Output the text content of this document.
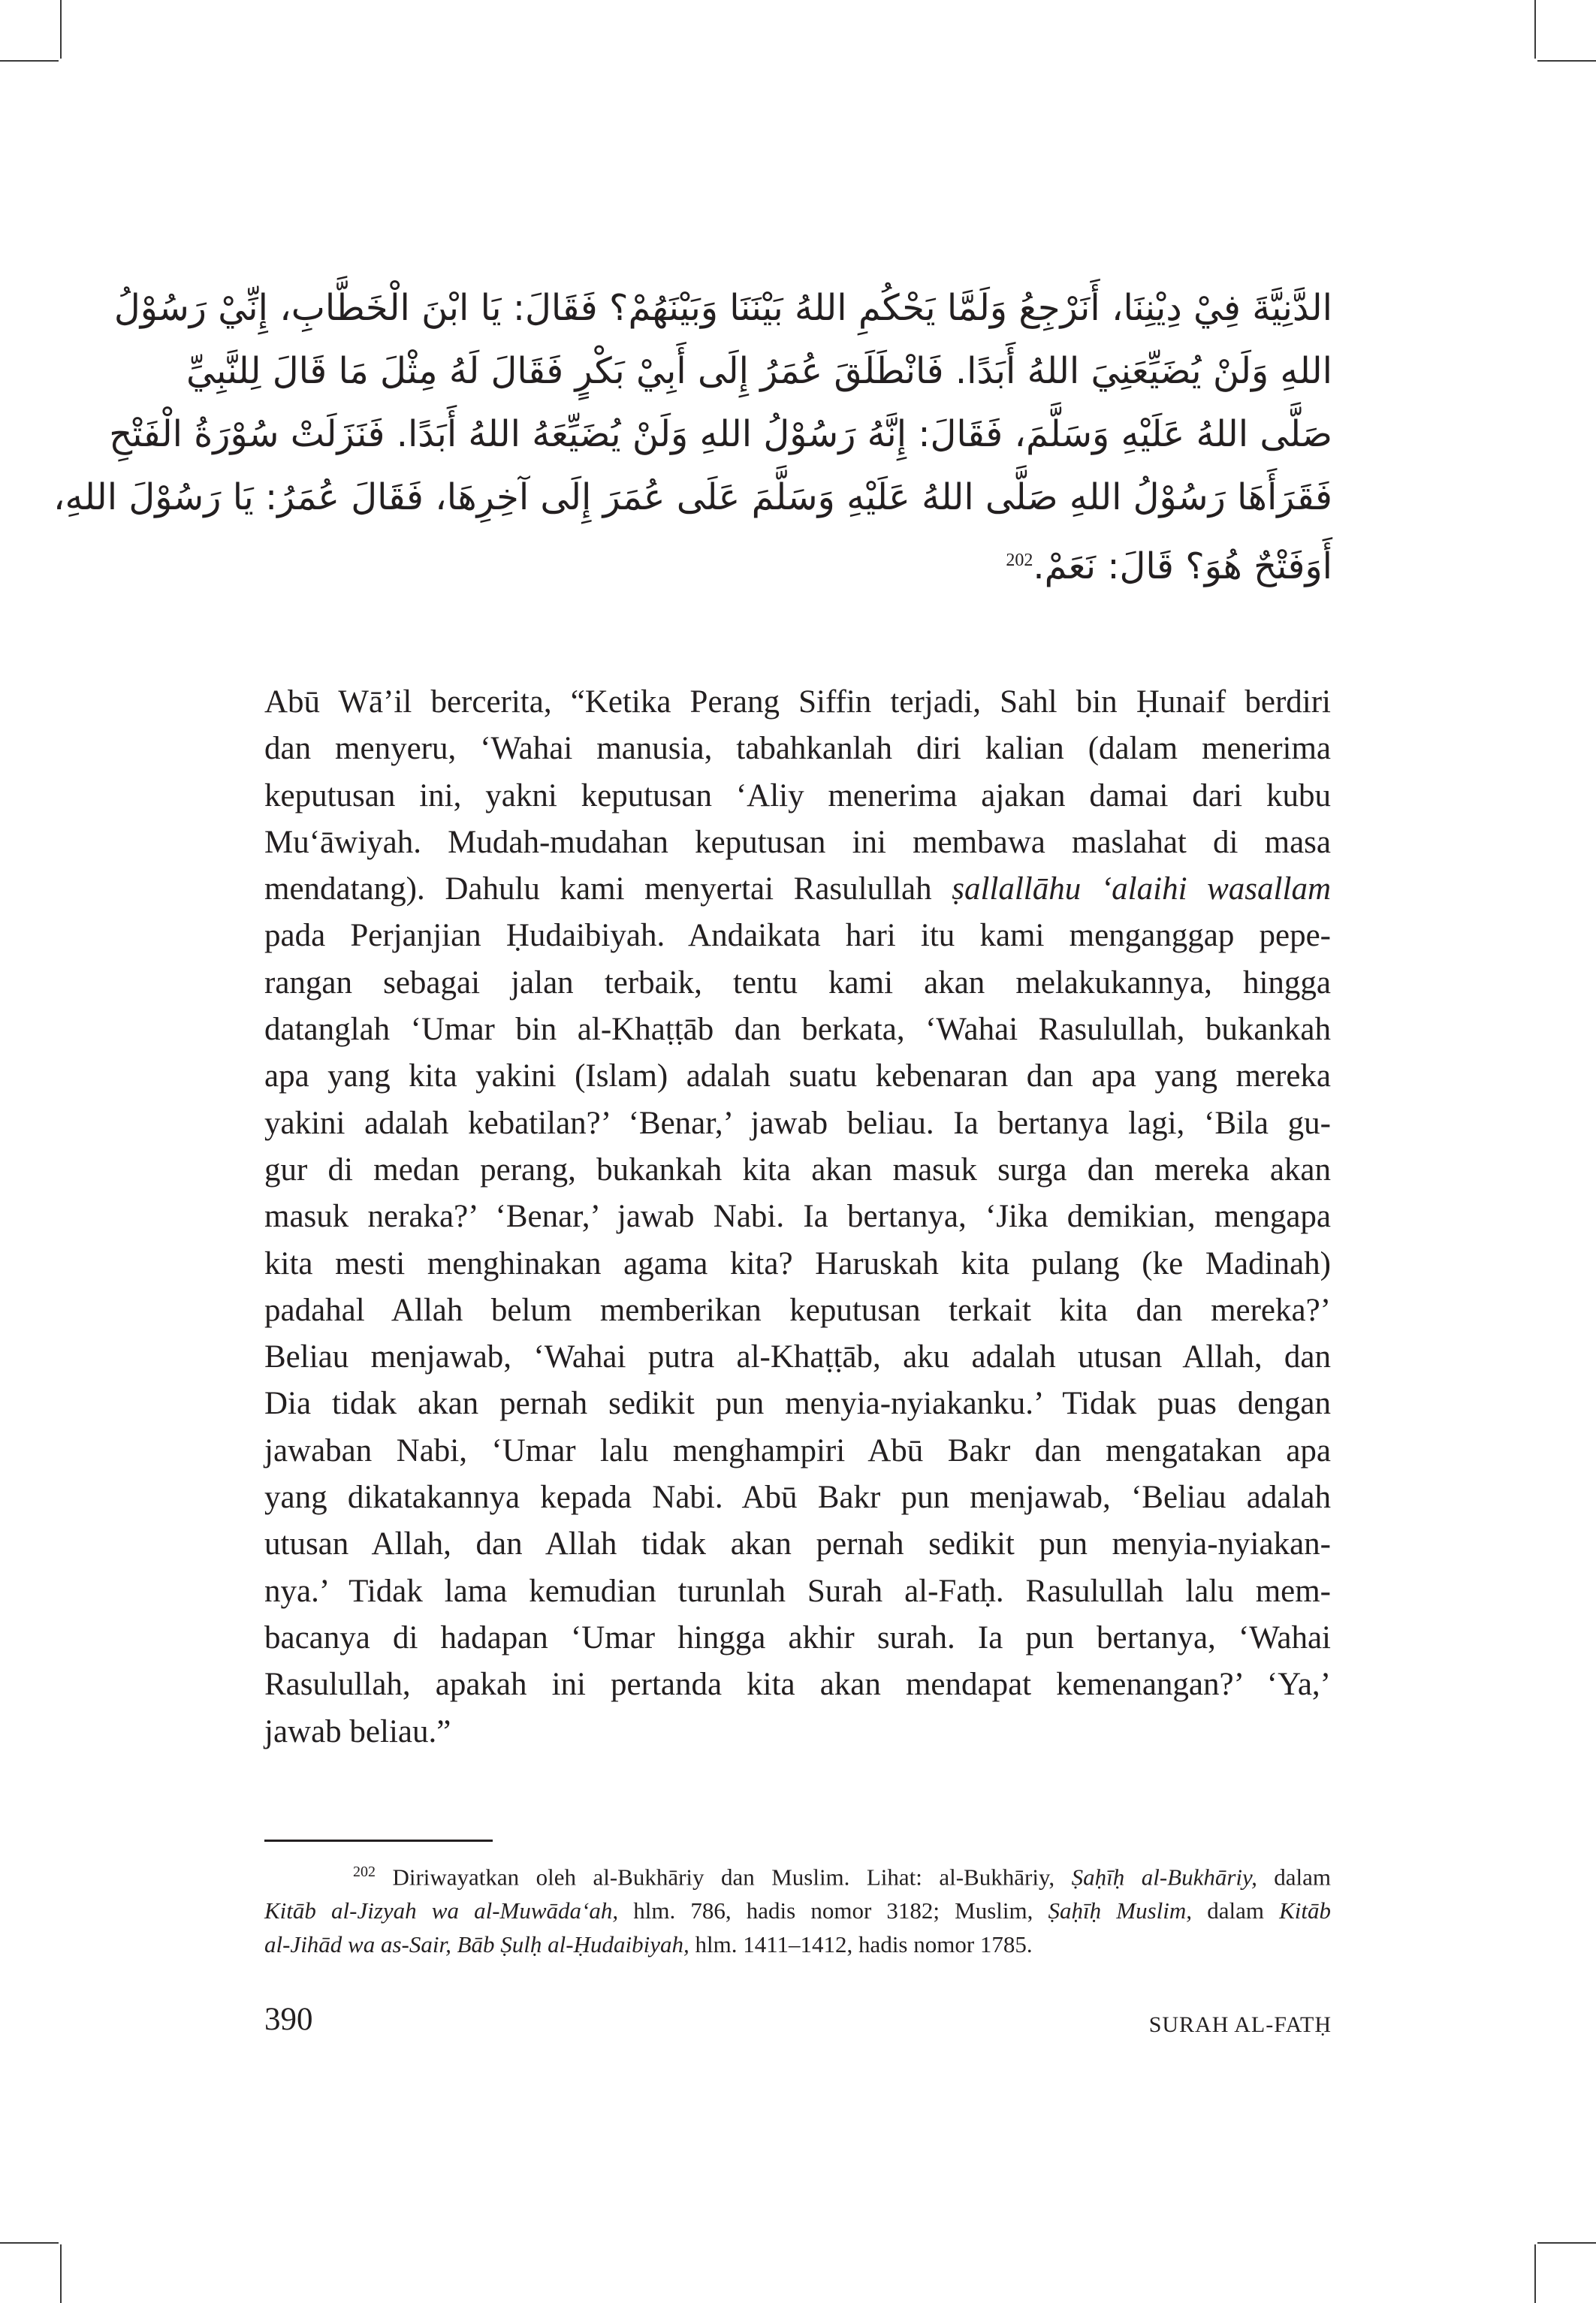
الدَّنِيَّةَ فِيْ دِيْنِنَا، أَنَرْجِعُ وَلَمَّا يَحْكُمِ اللهُ بَيْنَنَا وَبَيْنَهُمْ؟ فَقَالَ: يَا ابْنَ الْخَطَّابِ، إِنِّيْ رَسُوْلُ
اللهِ وَلَنْ يُضَيِّعَنِيَ اللهُ أَبَدًا. فَانْطَلَقَ عُمَرُ إِلَى أَبِيْ بَكْرٍ فَقَالَ لَهُ مِثْلَ مَا قَالَ لِلنَّبِيِّ
صَلَّى اللهُ عَلَيْهِ وَسَلَّمَ، فَقَالَ: إِنَّهُ رَسُوْلُ اللهِ وَلَنْ يُضَيِّعَهُ اللهُ أَبَدًا. فَنَزَلَتْ سُوْرَةُ الْفَتْحِ
فَقَرَأَهَا رَسُوْلُ اللهِ صَلَّى اللهُ عَلَيْهِ وَسَلَّمَ عَلَى عُمَرَ إِلَى آخِرِهَا، فَقَالَ عُمَرُ: يَا رَسُوْلَ اللهِ،
أَوَفَتْحٌ هُوَ؟ قَالَ: نَعَمْ.$^{202}$
Abū Wā’il bercerita, “Ketika Perang Siffin terjadi, Sahl bin Ḥunaif berdiri
dan menyeru, ‘Wahai manusia, tabahkanlah diri kalian (dalam menerima
keputusan ini, yakni keputusan ‘Aliy menerima ajakan damai dari kubu
Mu‘āwiyah. Mudah-mudahan keputusan ini membawa maslahat di masa
mendatang). Dahulu kami menyertai Rasulullah ṣallallāhu ‘alaihi wasallam
pada Perjanjian Ḥudaibiyah. Andaikata hari itu kami menganggap pepe-
rangan sebagai jalan terbaik, tentu kami akan melakukannya, hingga
datanglah ‘Umar bin al-Khaṭṭāb dan berkata, ‘Wahai Rasulullah, bukankah
apa yang kita yakini (Islam) adalah suatu kebenaran dan apa yang mereka
yakini adalah kebatilan?’ ‘Benar,’ jawab beliau. Ia bertanya lagi, ‘Bila gu-
gur di medan perang, bukankah kita akan masuk surga dan mereka akan
masuk neraka?’ ‘Benar,’ jawab Nabi. Ia bertanya, ‘Jika demikian, mengapa
kita mesti menghinakan agama kita? Haruskah kita pulang (ke Madinah)
padahal Allah belum memberikan keputusan terkait kita dan mereka?’
Beliau menjawab, ‘Wahai putra al-Khaṭṭāb, aku adalah utusan Allah, dan
Dia tidak akan pernah sedikit pun menyia-nyiakanku.’ Tidak puas dengan
jawaban Nabi, ‘Umar lalu menghampiri Abū Bakr dan mengatakan apa
yang dikatakannya kepada Nabi. Abū Bakr pun menjawab, ‘Beliau adalah
utusan Allah, dan Allah tidak akan pernah sedikit pun menyia-nyiakan-
nya.’ Tidak lama kemudian turunlah Surah al-Fatḥ. Rasulullah lalu mem-
bacanya di hadapan ‘Umar hingga akhir surah. Ia pun bertanya, ‘Wahai
Rasulullah, apakah ini pertanda kita akan mendapat kemenangan?’ ‘Ya,’
jawab beliau.”
$^{202}$ Diriwayatkan oleh al-Bukhāriy dan Muslim. Lihat: al-Bukhāriy, Ṣaḥīḥ al-Bukhāriy, dalam
Kitāb al-Jizyah wa al-Muwāda‘ah, hlm. 786, hadis nomor 3182; Muslim, Ṣaḥīḥ Muslim, dalam Kitāb
al-Jihād wa as-Sair, Bāb Ṣulḥ al-Ḥudaibiyah, hlm. 1411–1412, hadis nomor 1785.
390	SURAH AL-FATḤ
